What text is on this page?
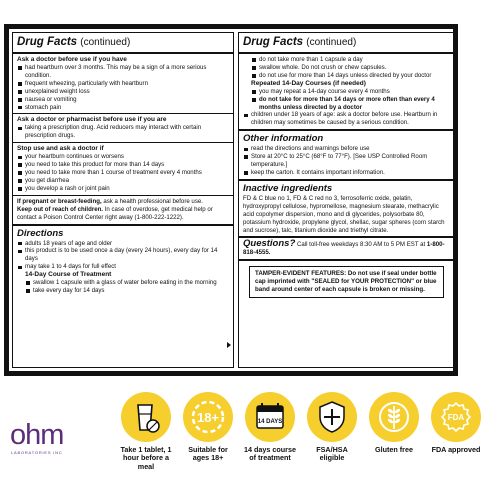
Drug Facts (continued)
Ask a doctor before use if you have
had heartburn over 3 months. This may be a sign of a more serious condition.
frequent wheezing, particularly with heartburn
unexplained weight loss
nausea or vomiting
stomach pain
Ask a doctor or pharmacist before use if you are
taking a prescription drug. Acid reducers may interact with certain prescription drugs.
Stop use and ask a doctor if
your heartburn continues or worsens
you need to take this product for more than 14 days
you need to take more than 1 course of treatment every 4 months
you get diarrhea
you develop a rash or joint pain
If pregnant or breast-feeding, ask a health professional before use.
Keep out of reach of children. In case of overdose, get medical help or contact a Poison Control Center right away (1-800-222-1222).
Directions
adults 18 years of age and older
this product is to be used once a day (every 24 hours), every day for 14 days
may take 1 to 4 days for full effect
14-Day Course of Treatment
swallow 1 capsule with a glass of water before eating in the morning
take every day for 14 days
Drug Facts (continued)
do not take more than 1 capsule a day
swallow whole. Do not crush or chew capsules.
do not use for more than 14 days unless directed by your doctor
Repeated 14-Day Courses (if needed)
you may repeat a 14-day course every 4 months
do not take for more than 14 days or more often than every 4 months unless directed by a doctor
children under 18 years of age: ask a doctor before use. Heartburn in children may sometimes be caused by a serious condition.
Other information
read the directions and warnings before use
Store at 20°C to 25°C (68°F to 77°F). [See USP Controlled Room temperature.]
keep the carton. It contains important information.
Inactive ingredients
FD & C blue no 1, FD & C red no 3, ferrosoferric oxide, gelatin, hydroxypropyl cellulose, hypromellose, magnesium stearate, methacrylic acid copolymer dispersion, mono and di glycerides, polysorbate 80, potassium hydroxide, propylene glycol, shellac, sugar spheres (corn starch and sucrose), talc, titanium dioxide and triethyl citrate.
Questions? Call toll-free weekdays 8:30 AM to 5 PM EST at 1-800-818-4555.
TAMPER-EVIDENT FEATURES: Do not use if seal under bottle cap imprinted with "SEALED for YOUR PROTECTION" or blue band around center of each capsule is broken or missing.
ohm
LABORATORIES INC	Take 1 tablet, 1 hour before a meal
18+
Suitable for ages 18+
14 DAYS
14 days course of treatment
FSA/HSA eligible
Gluten free
FDA
FDA approved
